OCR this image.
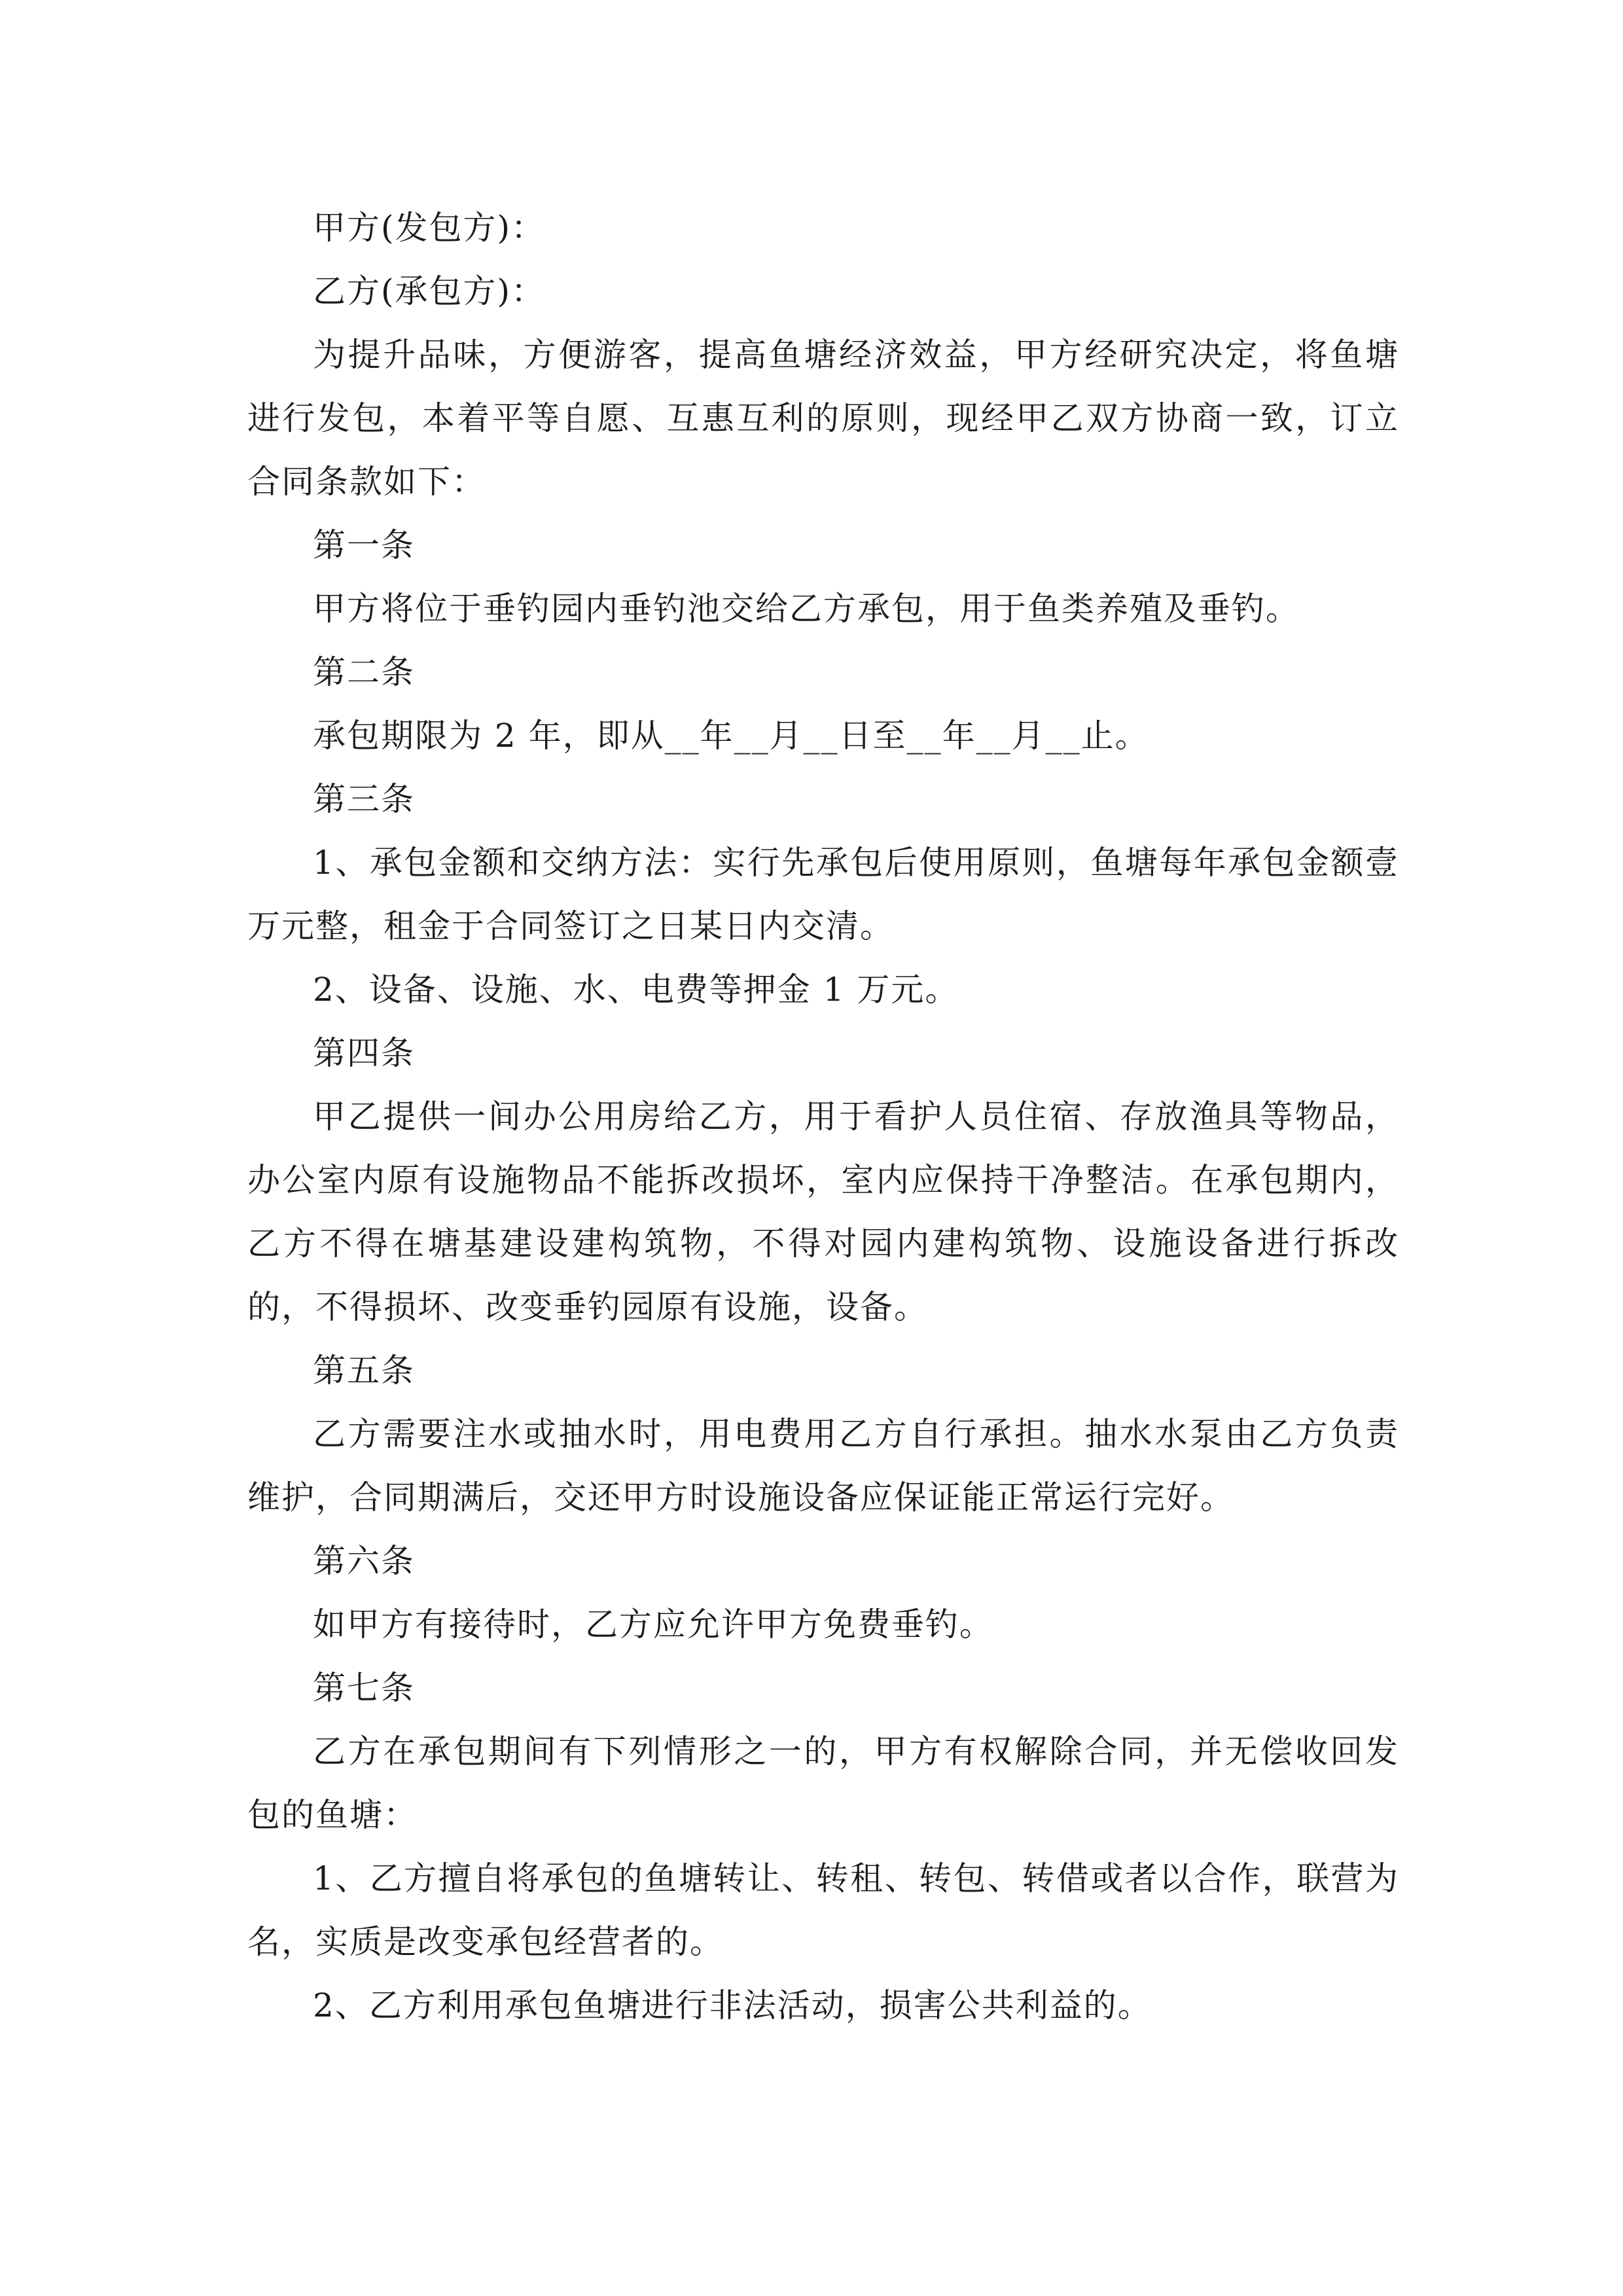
甲方(发包方)：

乙方(承包方)：

为提升品味，方便游客，提高鱼塘经济效益，甲方经研究决定，将鱼塘进行发包，本着平等自愿、互惠互利的原则，现经甲乙双方协商一致，订立合同条款如下：

第一条

甲方将位于垂钓园内垂钓池交给乙方承包，用于鱼类养殖及垂钓。

第二条

承包期限为 2 年，即从__年__月__日至__年__月__止。

第三条

1、承包金额和交纳方法：实行先承包后使用原则，鱼塘每年承包金额壹万元整，租金于合同签订之日某日内交清。

2、设备、设施、水、电费等押金 1 万元。

第四条

甲乙提供一间办公用房给乙方，用于看护人员住宿、存放渔具等物品，办公室内原有设施物品不能拆改损坏，室内应保持干净整洁。在承包期内，乙方不得在塘基建设建构筑物，不得对园内建构筑物、设施设备进行拆改的，不得损坏、改变垂钓园原有设施，设备。

第五条

乙方需要注水或抽水时，用电费用乙方自行承担。抽水水泵由乙方负责维护，合同期满后，交还甲方时设施设备应保证能正常运行完好。

第六条

如甲方有接待时，乙方应允许甲方免费垂钓。

第七条

乙方在承包期间有下列情形之一的，甲方有权解除合同，并无偿收回发包的鱼塘：

1、乙方擅自将承包的鱼塘转让、转租、转包、转借或者以合作，联营为名，实质是改变承包经营者的。

2、乙方利用承包鱼塘进行非法活动，损害公共利益的。
